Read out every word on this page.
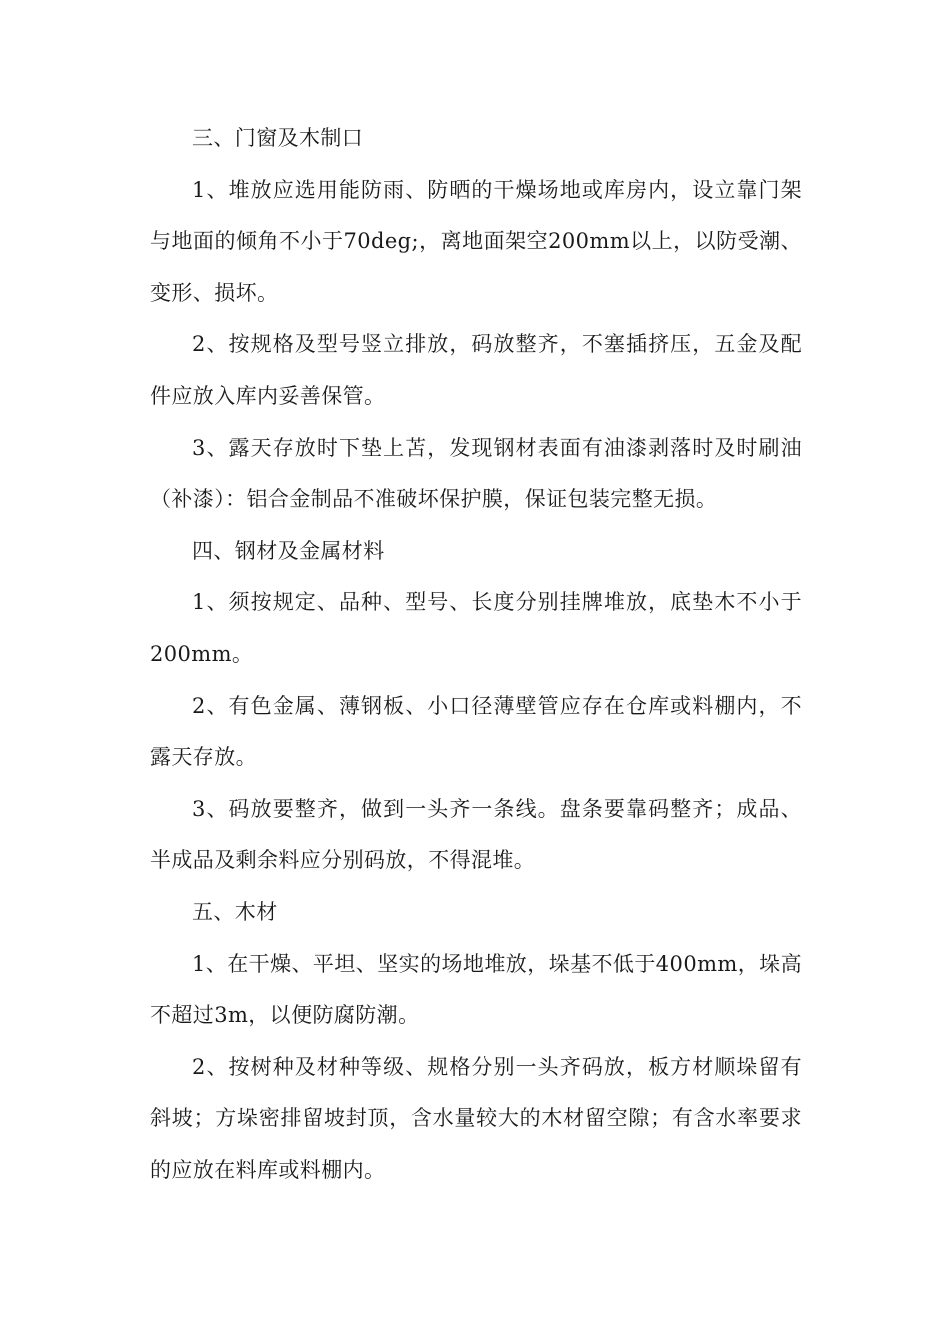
三、门窗及木制口

1、堆放应选用能防雨、防晒的干燥场地或库房内，设立靠门架与地面的倾角不小于70deg;，离地面架空200mm以上，以防受潮、变形、损坏。

2、按规格及型号竖立排放，码放整齐，不塞插挤压，五金及配件应放入库内妥善保管。

3、露天存放时下垫上苫，发现钢材表面有油漆剥落时及时刷油（补漆）：铝合金制品不准破坏保护膜，保证包装完整无损。

四、钢材及金属材料

1、须按规定、品种、型号、长度分别挂牌堆放，底垫木不小于200mm。

2、有色金属、薄钢板、小口径薄壁管应存在仓库或料棚内，不露天存放。

3、码放要整齐，做到一头齐一条线。盘条要靠码整齐；成品、半成品及剩余料应分别码放，不得混堆。

五、木材

1、在干燥、平坦、坚实的场地堆放，垛基不低于400mm，垛高不超过3m，以便防腐防潮。

2、按树种及材种等级、规格分别一头齐码放，板方材顺垛留有斜坡；方垛密排留坡封顶，含水量较大的木材留空隙；有含水率要求的应放在料库或料棚内。
